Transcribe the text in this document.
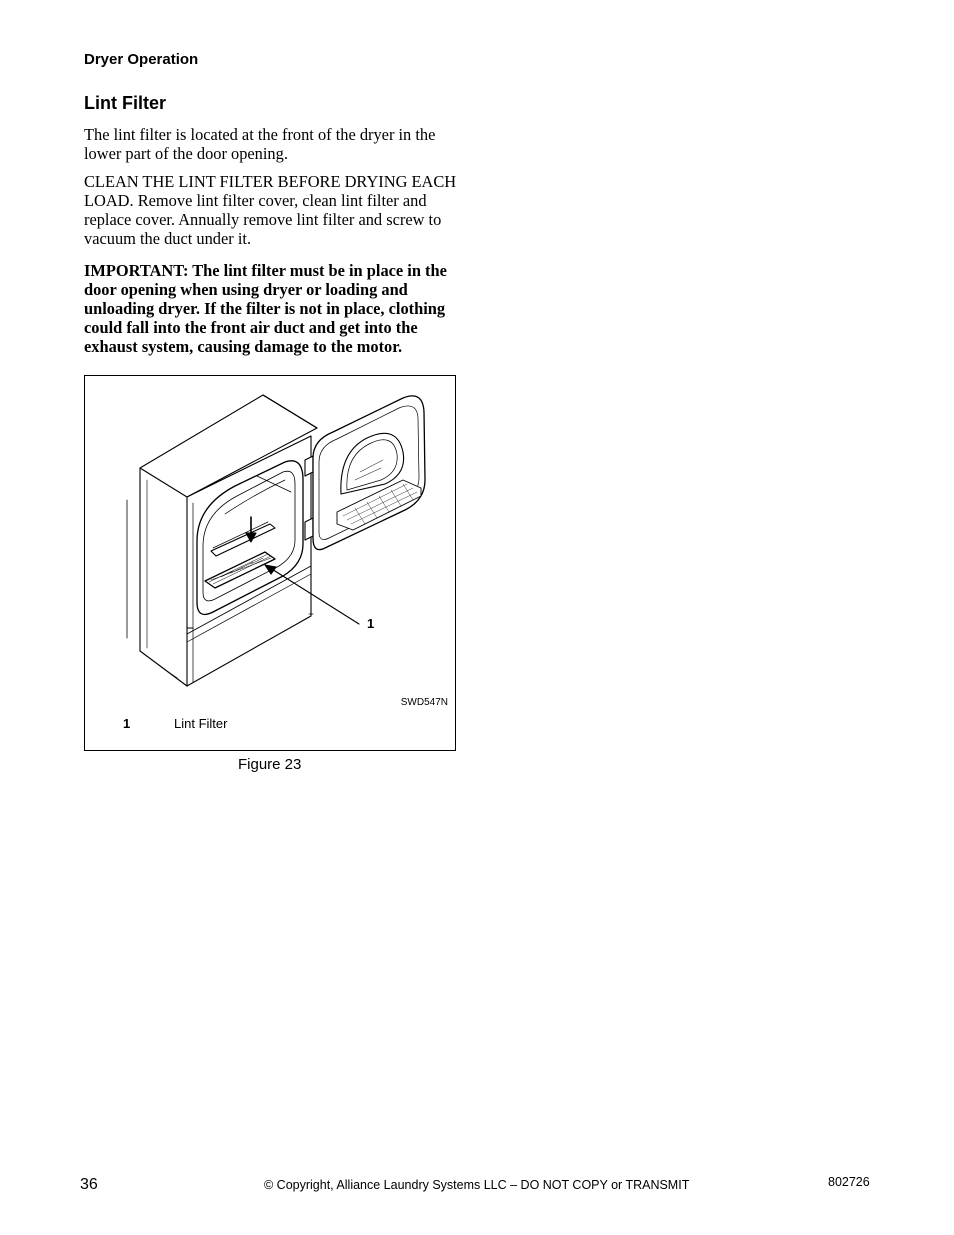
Dryer Operation
Lint Filter

The lint filter is located at the front of the dryer in the lower part of the door opening.

CLEAN THE LINT FILTER BEFORE DRYING EACH LOAD. Remove lint filter cover, clean lint filter and replace cover. Annually remove lint filter and screw to vacuum the duct under it.

IMPORTANT: The lint filter must be in place in the door opening when using dryer or loading and unloading dryer. If the filter is not in place, clothing could fall into the front air duct and get into the exhaust system, causing damage to the motor.

1
SWD547N
1	Lint Filter
Figure 23
36	© Copyright, Alliance Laundry Systems LLC – DO NOT COPY or TRANSMIT	802726
